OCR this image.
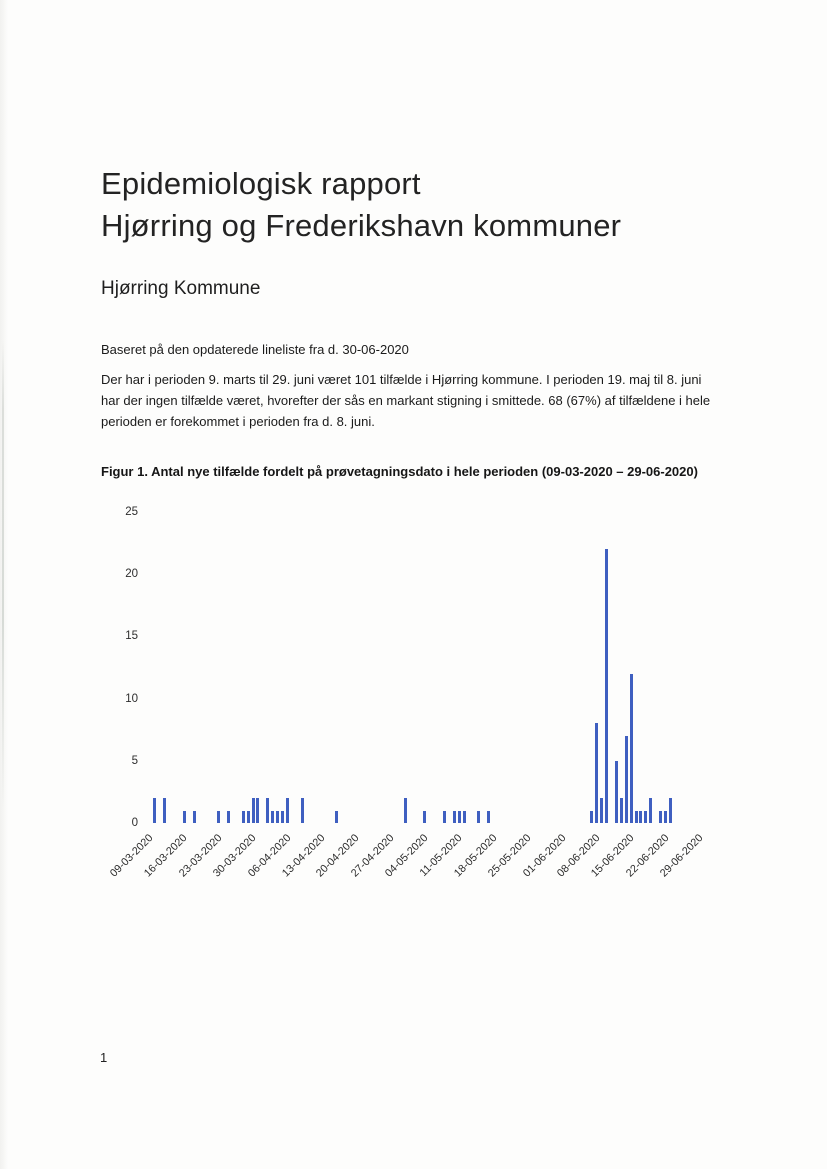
Epidemiologisk rapport
Hjørring og Frederikshavn kommuner
Hjørring Kommune
Baseret på den opdaterede lineliste fra d. 30-06-2020
Der har i perioden 9. marts til 29. juni været 101 tilfælde i Hjørring kommune. I perioden 19. maj til 8. juni har der ingen tilfælde været, hvorefter der sås en markant stigning i smittede. 68 (67%) af tilfældene i hele perioden er forekommet i perioden fra d. 8. juni.
Figur 1. Antal nye tilfælde fordelt på prøvetagningsdato i hele perioden (09-03-2020 – 29-06-2020)
0
5
10
15
20
25
09-03-2020
16-03-2020
23-03-2020
30-03-2020
06-04-2020
13-04-2020
20-04-2020
27-04-2020
04-05-2020
11-05-2020
18-05-2020
25-05-2020
01-06-2020
08-06-2020
15-06-2020
22-06-2020
29-06-2020
1
